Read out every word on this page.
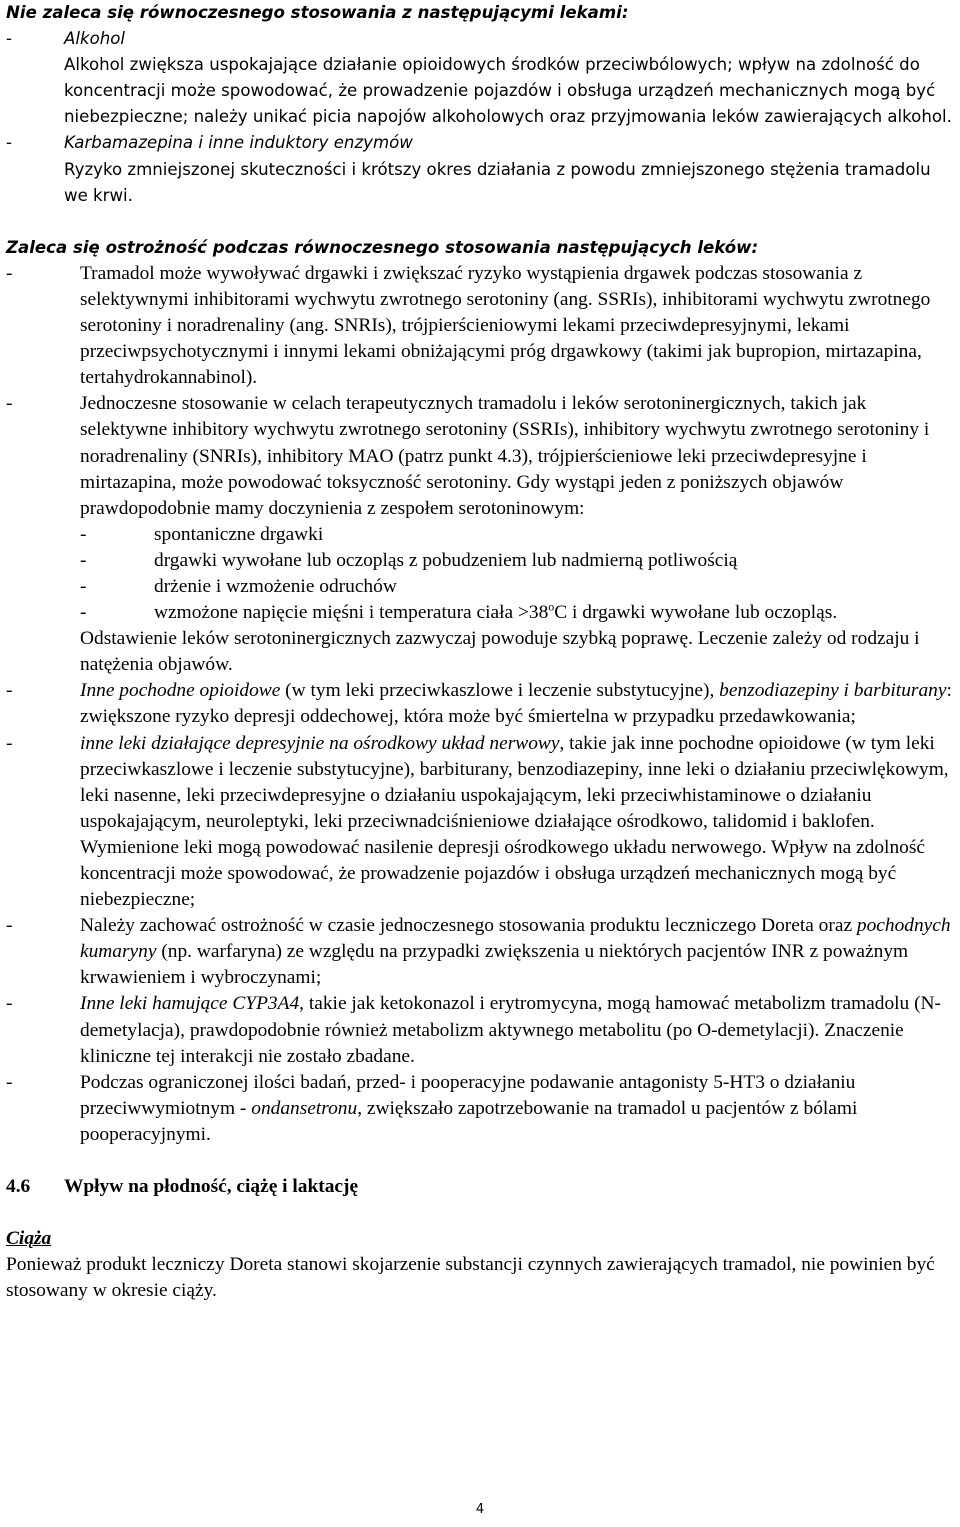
Nie zaleca się równoczesnego stosowania z następującymi lekami:

-	Alkohol

Alkohol zwiększa uspokajające działanie opioidowych środków przeciwbólowych; wpływ na zdolność do koncentracji może spowodować, że prowadzenie pojazdów i obsługa urządzeń mechanicznych mogą być niebezpieczne; należy unikać picia napojów alkoholowych oraz przyjmowania leków zawierających alkohol.

-	Karbamazepina i inne induktory enzymów

Ryzyko zmniejszonej skuteczności i krótszy okres działania z powodu zmniejszonego stężenia tramadolu we krwi.

Zaleca się ostrożność podczas równoczesnego stosowania następujących leków:

-	Tramadol może wywoływać drgawki i zwiększać ryzyko wystąpienia drgawek podczas stosowania z selektywnymi inhibitorami wychwytu zwrotnego serotoniny (ang. SSRIs), inhibitorami wychwytu zwrotnego serotoniny i noradrenaliny (ang. SNRIs), trójpierścieniowymi lekami przeciwdepresyjnymi, lekami przeciwpsychotycznymi i innymi lekami obniżającymi próg drgawkowy (takimi jak bupropion, mirtazapina, tertahydrokannabinol).

-	Jednoczesne stosowanie w celach terapeutycznych tramadolu i leków serotoninergicznych, takich jak selektywne inhibitory wychwytu zwrotnego serotoniny (SSRIs), inhibitory wychwytu zwrotnego serotoniny i noradrenaliny (SNRIs), inhibitory MAO (patrz punkt 4.3), trójpierścieniowe leki przeciwdepresyjne i mirtazapina, może powodować toksyczność serotoniny. Gdy wystąpi jeden z poniższych objawów prawdopodobnie mamy doczynienia z zespołem serotoninowym:

-	spontaniczne drgawki
-	drgawki wywołane lub oczopląs z pobudzeniem lub nadmierną potliwością
-	drżenie i wzmożenie odruchów
-	wzmożone napięcie mięśni i temperatura ciała $>38^oC$ i drgawki wywołane lub oczopląs.

Odstawienie leków serotoninergicznych zazwyczaj powoduje szybką poprawę. Leczenie zależy od rodzaju i natężenia objawów.

-	Inne pochodne opioidowe (w tym leki przeciwkaszlowe i leczenie substytucyjne), benzodiazepiny i barbiturany: zwiększone ryzyko depresji oddechowej, która może być śmiertelna w przypadku przedawkowania;

-	inne leki działające depresyjnie na ośrodkowy układ nerwowy, takie jak inne pochodne opioidowe (w tym leki przeciwkaszlowe i leczenie substytucyjne), barbiturany, benzodiazepiny, inne leki o działaniu przeciwlękowym, leki nasenne, leki przeciwdepresyjne o działaniu uspokajającym, leki przeciwhistaminowe o działaniu uspokajającym, neuroleptyki, leki przeciwnadciśnieniowe działające ośrodkowo, talidomid i baklofen. Wymienione leki mogą powodować nasilenie depresji ośrodkowego układu nerwowego. Wpływ na zdolność koncentracji może spowodować, że prowadzenie pojazdów i obsługa urządzeń mechanicznych mogą być niebezpieczne;

-	Należy zachować ostrożność w czasie jednoczesnego stosowania produktu leczniczego Doreta oraz pochodnych kumaryny (np. warfaryna) ze względu na przypadki zwiększenia u niektórych pacjentów INR z poważnym krwawieniem i wybroczynami;

-	Inne leki hamujące CYP3A4, takie jak ketokonazol i erytromycyna, mogą hamować metabolizm tramadolu (N-demetylacja), prawdopodobnie również metabolizm aktywnego metabolitu (po O-demetylacji). Znaczenie kliniczne tej interakcji nie zostało zbadane.

-	Podczas ograniczonej ilości badań, przed- i pooperacyjne podawanie antagonisty 5-HT3 o działaniu przeciwwymiotnym - ondansetronu, zwiększało zapotrzebowanie na tramadol u pacjentów z bólami pooperacyjnymi.

4.6	Wpływ na płodność, ciążę i laktację

Ciąża

Ponieważ produkt leczniczy Doreta stanowi skojarzenie substancji czynnych zawierających tramadol, nie powinien być stosowany w okresie ciąży.

4
